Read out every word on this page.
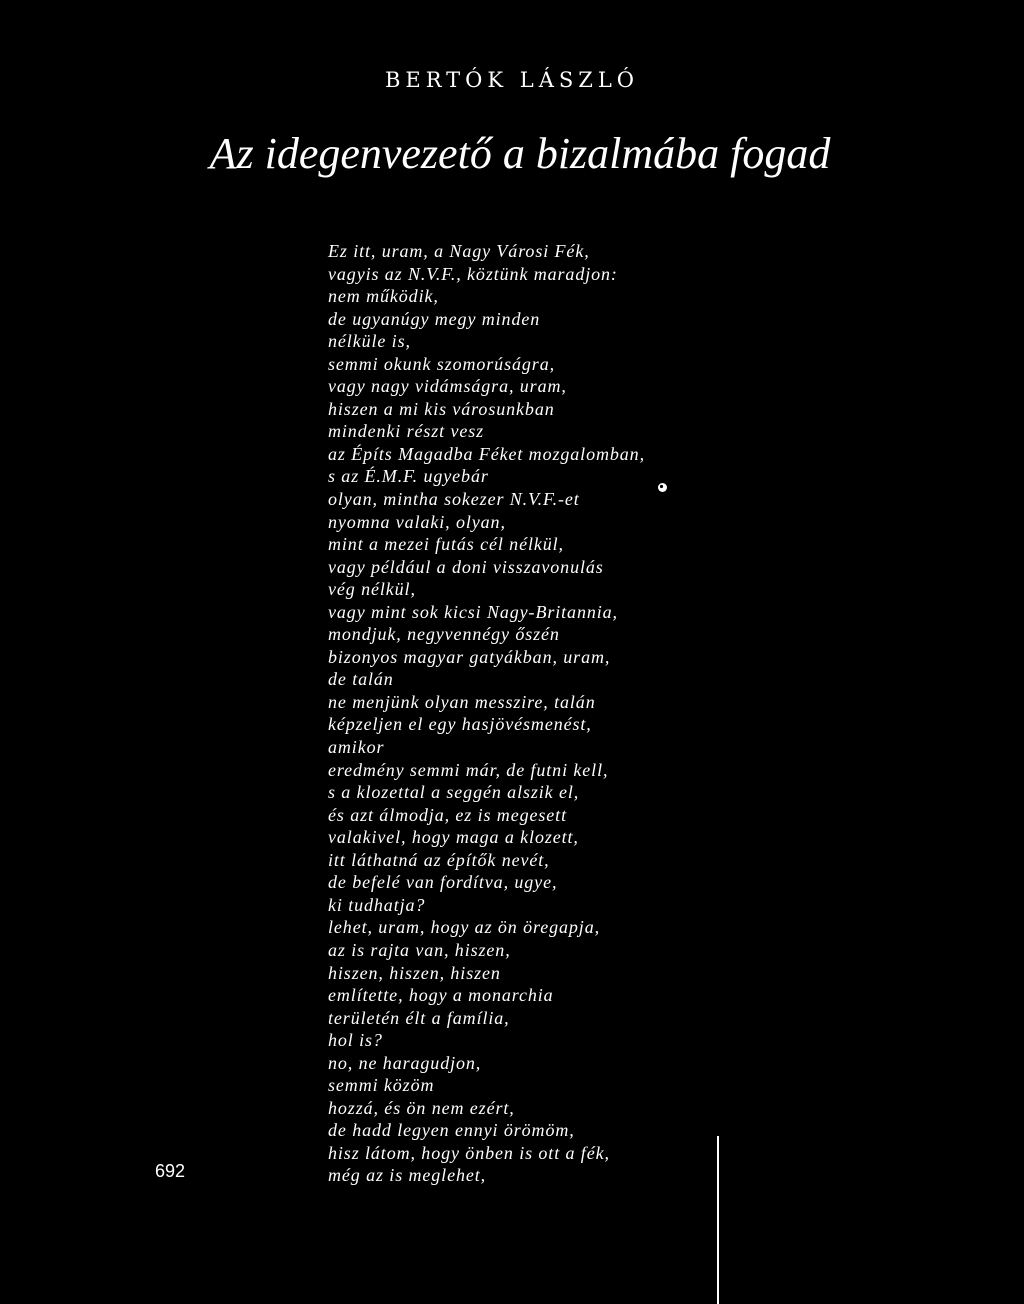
BERTÓK LÁSZLÓ
Az idegenvezető a bizalmába fogad
Ez itt, uram, a Nagy Városi Fék,
vagyis az N.V.F., köztünk maradjon:
nem működik,
de ugyanúgy megy minden
nélküle is,
semmi okunk szomorúságra,
vagy nagy vidámságra, uram,
hiszen a mi kis városunkban
mindenki részt vesz
az Építs Magadba Féket mozgalomban,
s az É.M.F. ugyebár
olyan, mintha sokezer N.V.F.-et
nyomna valaki, olyan,
mint a mezei futás cél nélkül,
vagy például a doni visszavonulás
vég nélkül,
vagy mint sok kicsi Nagy-Britannia,
mondjuk, negyvennégy őszén
bizonyos magyar gatyákban, uram,
de talán
ne menjünk olyan messzire, talán
képzeljen el egy hasjövésmenést,
amikor
eredmény semmi már, de futni kell,
s a klozettal a seggén alszik el,
és azt álmodja, ez is megesett
valakivel, hogy maga a klozett,
itt láthatná az építők nevét,
de befelé van fordítva, ugye,
ki tudhatja?
lehet, uram, hogy az ön öregapja,
az is rajta van, hiszen,
hiszen, hiszen, hiszen
említette, hogy a monarchia
területén élt a família,
hol is?
no, ne haragudjon,
semmi közöm
hozzá, és ön nem ezért,
de hadd legyen ennyi örömöm,
hisz látom, hogy önben is ott a fék,
még az is meglehet,
692
